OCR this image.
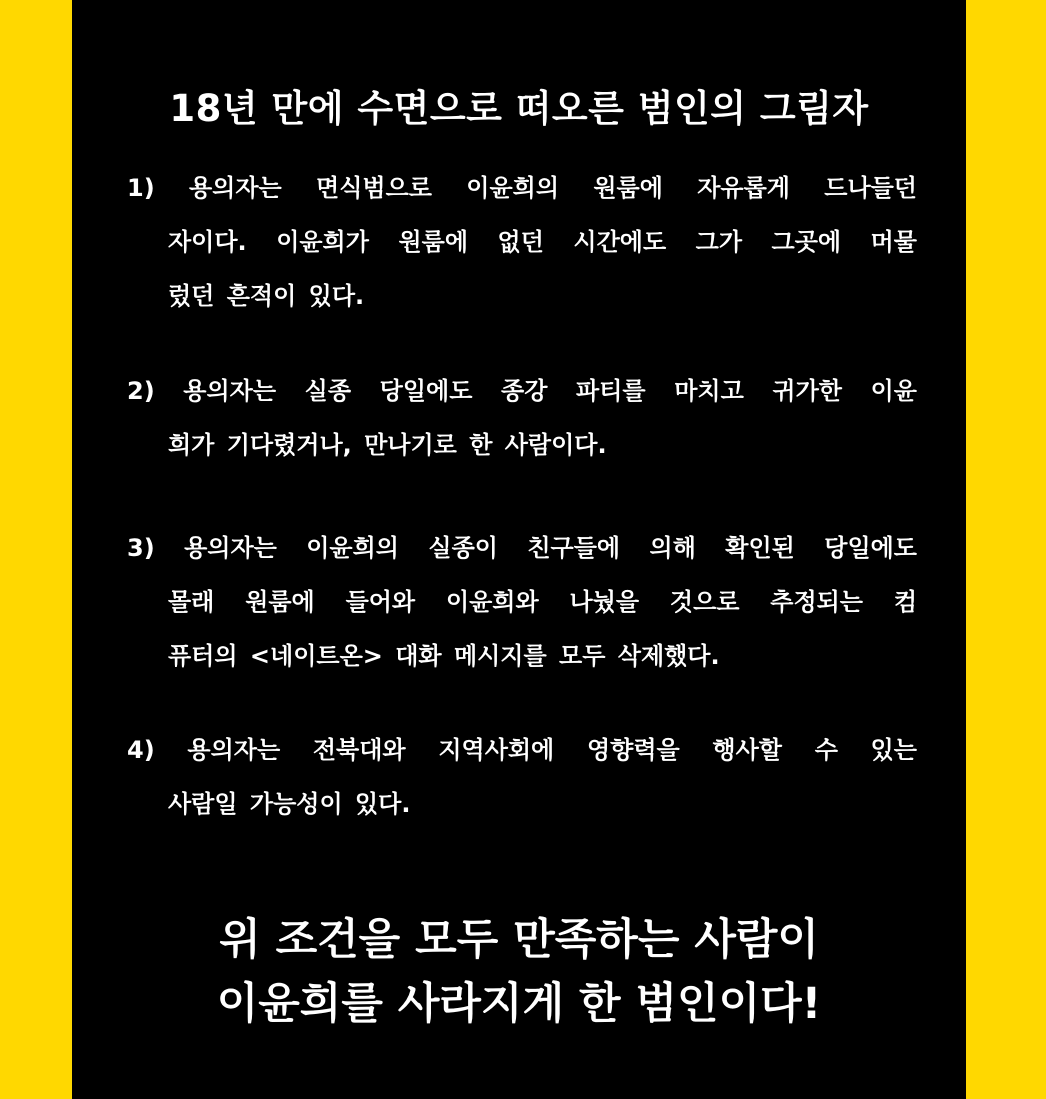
18년 만에 수면으로 떠오른 범인의 그림자
1) 용의자는 면식범으로 이윤희의 원룸에 자유롭게 드나들던
자이다. 이윤희가 원룸에 없던 시간에도 그가 그곳에 머물
렀던 흔적이 있다.
2) 용의자는 실종 당일에도 종강 파티를 마치고 귀가한 이윤
희가 기다렸거나, 만나기로 한 사람이다.
3) 용의자는 이윤희의 실종이 친구들에 의해 확인된 당일에도
몰래 원룸에 들어와 이윤희와 나눴을 것으로 추정되는 컴
퓨터의 <네이트온> 대화 메시지를 모두 삭제했다.
4) 용의자는 전북대와 지역사회에 영향력을 행사할 수 있는
사람일 가능성이 있다.
위 조건을 모두 만족하는 사람이
이윤희를 사라지게 한 범인이다!
